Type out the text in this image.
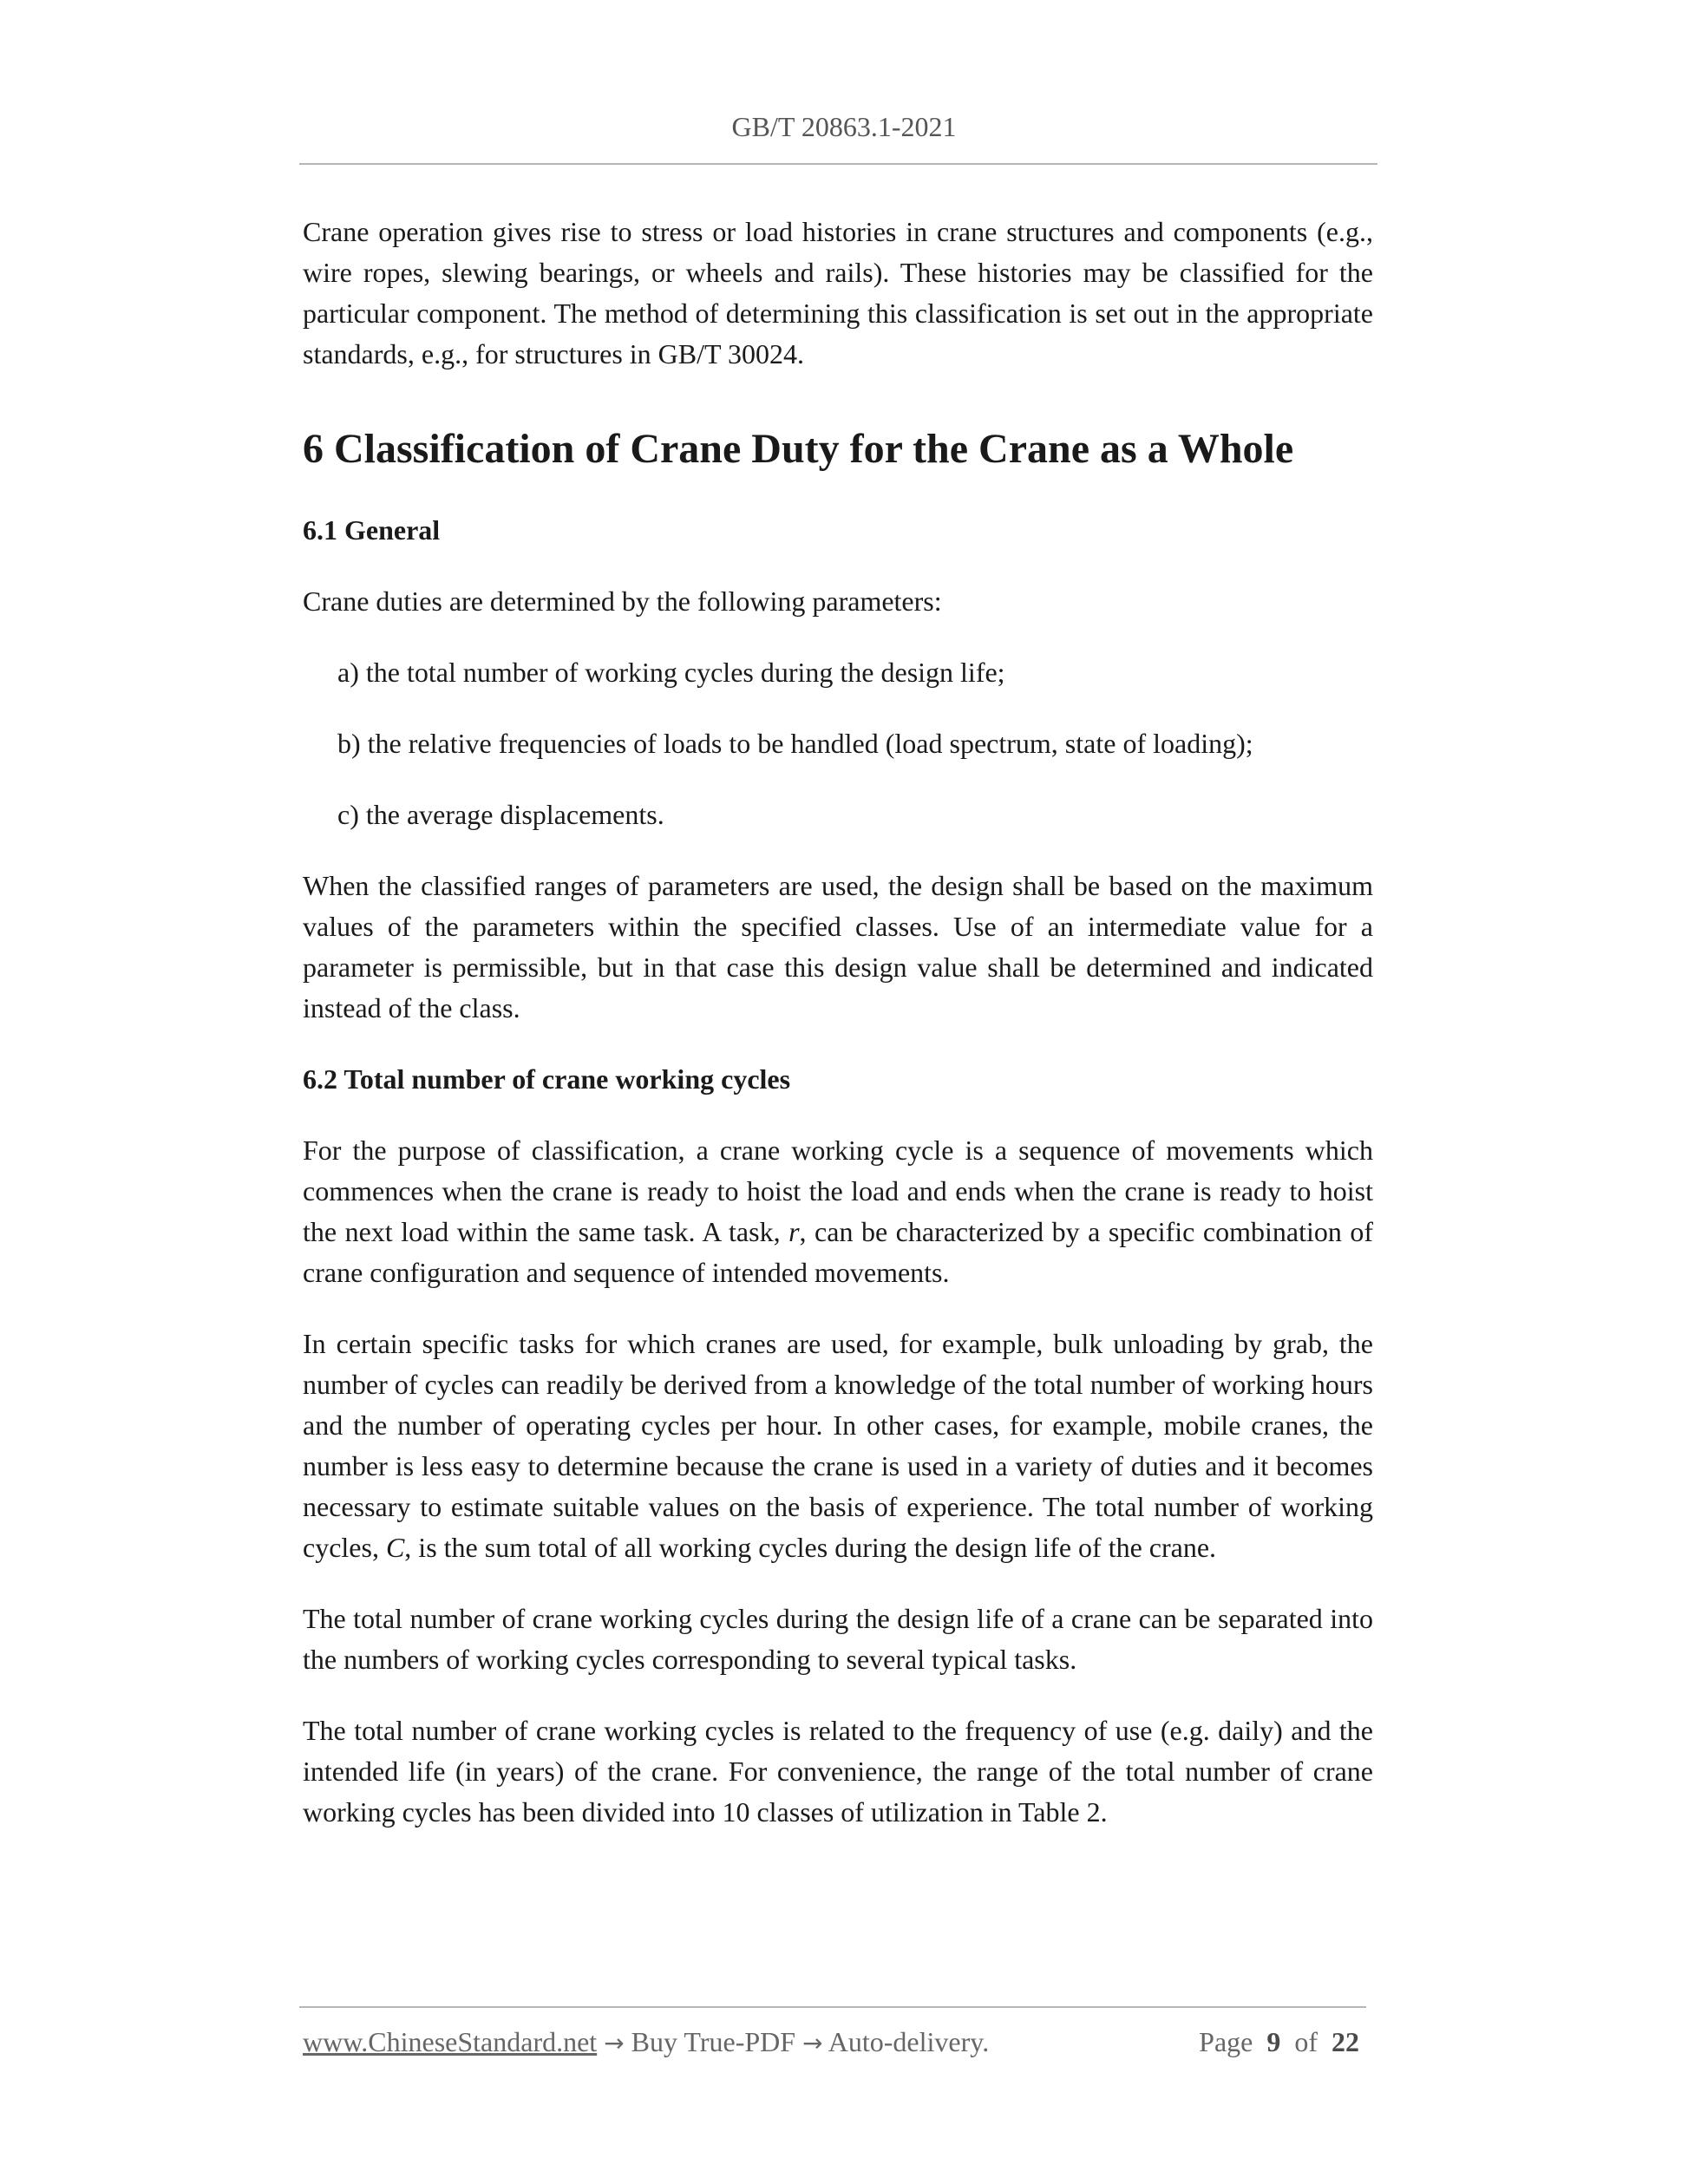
GB/T 20863.1-2021

Crane operation gives rise to stress or load histories in crane structures and components (e.g., wire ropes, slewing bearings, or wheels and rails). These histories may be classified for the particular component. The method of determining this classification is set out in the appropriate standards, e.g., for structures in GB/T 30024.

6 Classification of Crane Duty for the Crane as a Whole
6.1 General

Crane duties are determined by the following parameters:

a) the total number of working cycles during the design life;
b) the relative frequencies of loads to be handled (load spectrum, state of loading);
c) the average displacements.

When the classified ranges of parameters are used, the design shall be based on the maximum values of the parameters within the specified classes. Use of an intermediate value for a parameter is permissible, but in that case this design value shall be determined and indicated instead of the class.

6.2 Total number of crane working cycles

For the purpose of classification, a crane working cycle is a sequence of movements which commences when the crane is ready to hoist the load and ends when the crane is ready to hoist the next load within the same task. A task, r, can be characterized by a specific combination of crane configuration and sequence of intended movements.

In certain specific tasks for which cranes are used, for example, bulk unloading by grab, the number of cycles can readily be derived from a knowledge of the total number of working hours and the number of operating cycles per hour. In other cases, for example, mobile cranes, the number is less easy to determine because the crane is used in a variety of duties and it becomes necessary to estimate suitable values on the basis of experience. The total number of working cycles, C, is the sum total of all working cycles during the design life of the crane.

The total number of crane working cycles during the design life of a crane can be separated into the numbers of working cycles corresponding to several typical tasks.

The total number of crane working cycles is related to the frequency of use (e.g. daily) and the intended life (in years) of the crane. For convenience, the range of the total number of crane working cycles has been divided into 10 classes of utilization in Table 2.

www.ChineseStandard.net → Buy True-PDF → Auto-delivery.	Page 9 of 22
